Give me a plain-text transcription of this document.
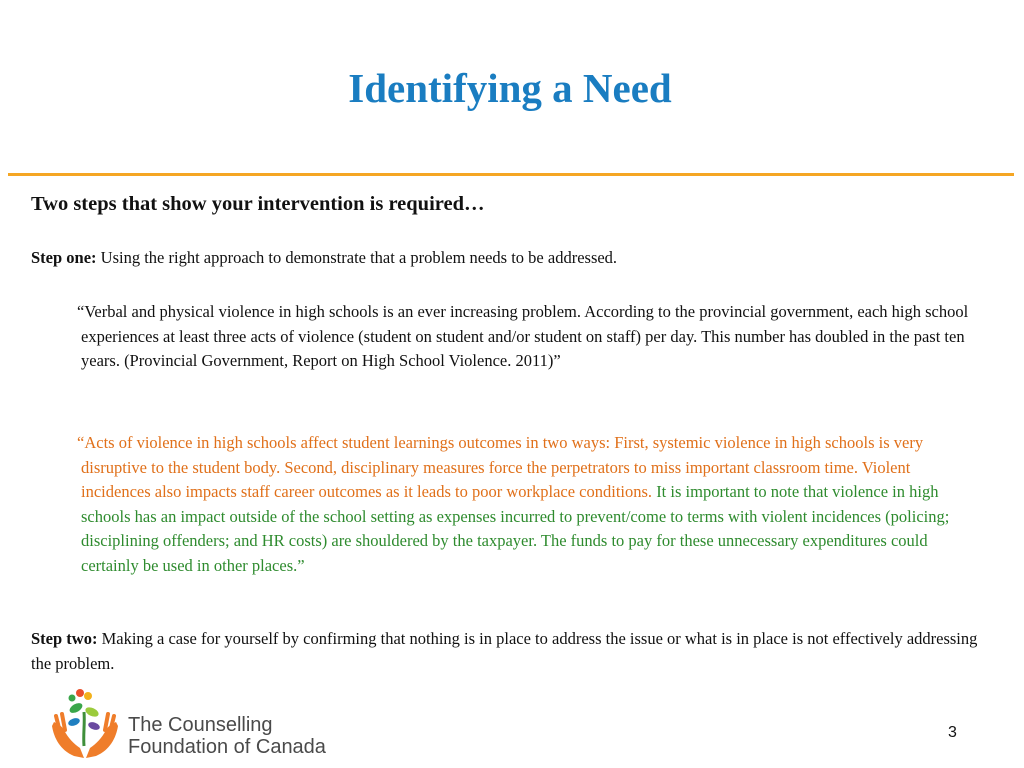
Identifying a Need
Two steps that show your intervention is required…
Step one: Using the right approach to demonstrate that a problem needs to be addressed.
“Verbal and physical violence in high schools is an ever increasing problem. According to the provincial government, each high school experiences at least three acts of violence (student on student and/or student on staff) per day. This number has doubled in the past ten years. (Provincial Government, Report on High School Violence. 2011)”
“Acts of violence in high schools affect student learnings outcomes in two ways: First, systemic violence in high schools is very disruptive to the student body. Second, disciplinary measures force the perpetrators to miss important classroom time. Violent incidences also impacts staff career outcomes as it leads to poor workplace conditions. It is important to note that violence in high schools has an impact outside of the school setting as expenses incurred to prevent/come to terms with violent incidences (policing; disciplining offenders; and HR costs) are shouldered by the taxpayer. The funds to pay for these unnecessary expenditures could certainly be used in other places.”
Step two: Making a case for yourself by confirming that nothing is in place to address the issue or what is in place is not effectively addressing the problem.
The Counselling
Foundation of Canada
3
